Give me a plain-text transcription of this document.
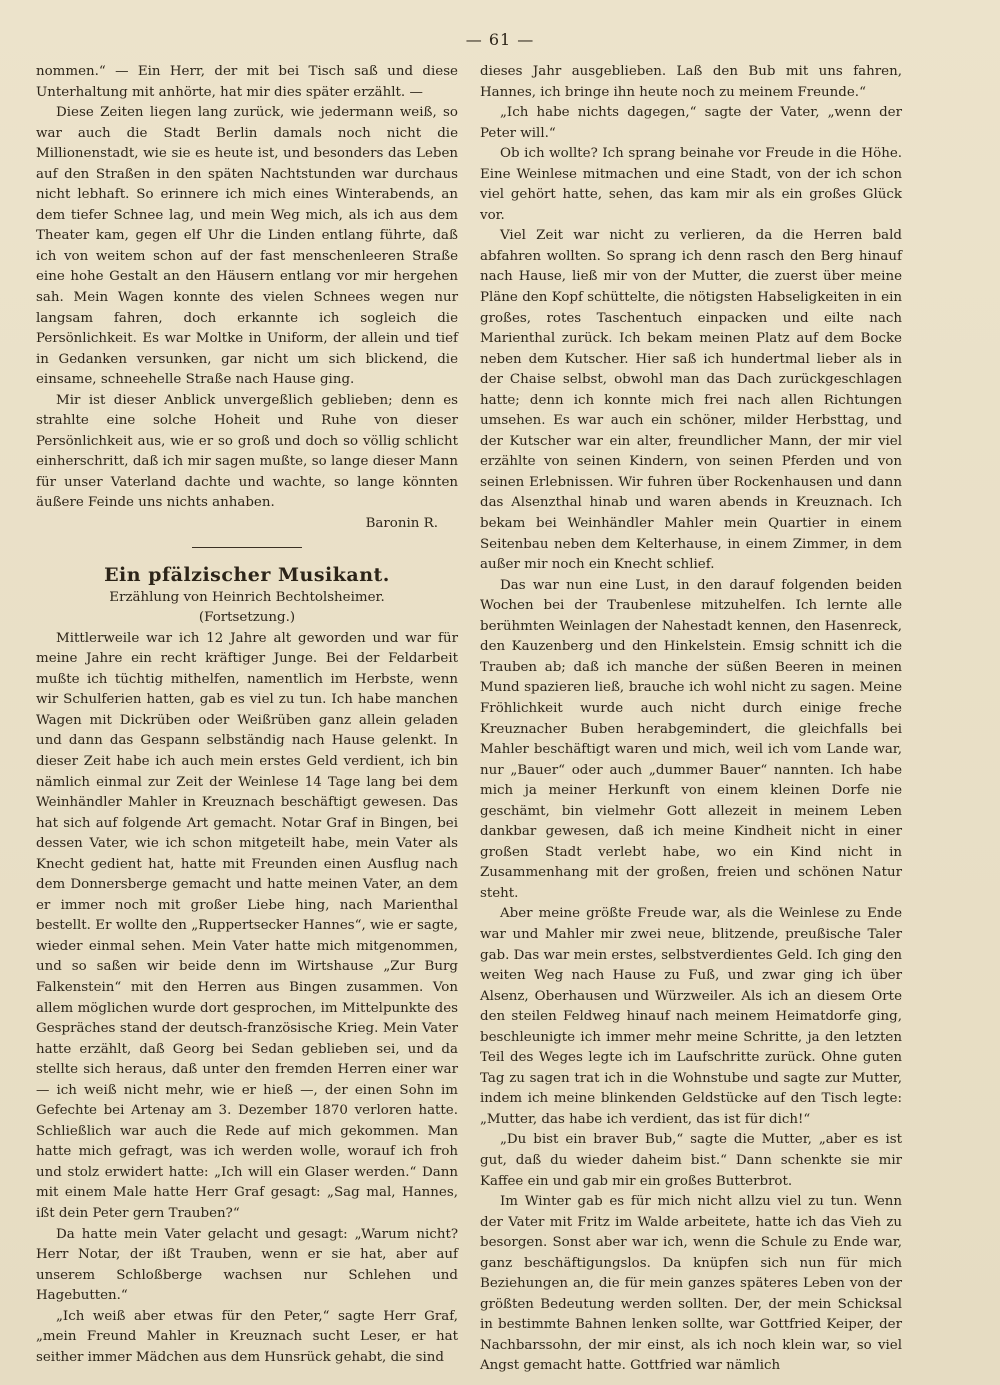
— 61 —

nommen.“ — Ein Herr, der mit bei Tisch saß und diese Unterhaltung mit anhörte, hat mir dies später erzählt. —

Diese Zeiten liegen lang zurück, wie jedermann weiß, so war auch die Stadt Berlin damals noch nicht die Millionenstadt, wie sie es heute ist, und besonders das Leben auf den Straßen in den späten Nachtstunden war durchaus nicht lebhaft. So erinnere ich mich eines Winterabends, an dem tiefer Schnee lag, und mein Weg mich, als ich aus dem Theater kam, gegen elf Uhr die Linden entlang führte, daß ich von weitem schon auf der fast menschenleeren Straße eine hohe Gestalt an den Häusern entlang vor mir hergehen sah. Mein Wagen konnte des vielen Schnees wegen nur langsam fahren, doch erkannte ich sogleich die Persönlichkeit. Es war Moltke in Uniform, der allein und tief in Gedanken versunken, gar nicht um sich blickend, die einsame, schneehelle Straße nach Hause ging.

Mir ist dieser Anblick unvergeßlich geblieben; denn es strahlte eine solche Hoheit und Ruhe von dieser Persönlichkeit aus, wie er so groß und doch so völlig schlicht einherschritt, daß ich mir sagen mußte, so lange dieser Mann für unser Vaterland dachte und wachte, so lange könnten äußere Feinde uns nichts anhaben.

Baronin R.
Ein pfälzischer Musikant.
Erzählung von Heinrich Bechtolsheimer.
(Fortsetzung.)

Mittlerweile war ich 12 Jahre alt geworden und war für meine Jahre ein recht kräftiger Junge. Bei der Feldarbeit mußte ich tüchtig mithelfen, namentlich im Herbste, wenn wir Schulferien hatten, gab es viel zu tun. Ich habe manchen Wagen mit Dickrüben oder Weißrüben ganz allein geladen und dann das Gespann selbständig nach Hause gelenkt. In dieser Zeit habe ich auch mein erstes Geld verdient, ich bin nämlich einmal zur Zeit der Weinlese 14 Tage lang bei dem Weinhändler Mahler in Kreuznach beschäftigt gewesen. Das hat sich auf folgende Art gemacht. Notar Graf in Bingen, bei dessen Vater, wie ich schon mitgeteilt habe, mein Vater als Knecht gedient hat, hatte mit Freunden einen Ausflug nach dem Donnersberge gemacht und hatte meinen Vater, an dem er immer noch mit großer Liebe hing, nach Marienthal bestellt. Er wollte den „Ruppertsecker Hannes“, wie er sagte, wieder einmal sehen. Mein Vater hatte mich mitgenommen, und so saßen wir beide denn im Wirtshause „Zur Burg Falkenstein“ mit den Herren aus Bingen zusammen. Von allem möglichen wurde dort gesprochen, im Mittelpunkte des Gespräches stand der deutsch-französische Krieg. Mein Vater hatte erzählt, daß Georg bei Sedan geblieben sei, und da stellte sich heraus, daß unter den fremden Herren einer war — ich weiß nicht mehr, wie er hieß —, der einen Sohn im Gefechte bei Artenay am 3. Dezember 1870 verloren hatte. Schließlich war auch die Rede auf mich gekommen. Man hatte mich gefragt, was ich werden wolle, worauf ich froh und stolz erwidert hatte: „Ich will ein Glaser werden.“ Dann mit einem Male hatte Herr Graf gesagt: „Sag mal, Hannes, ißt dein Peter gern Trauben?“

Da hatte mein Vater gelacht und gesagt: „Warum nicht? Herr Notar, der ißt Trauben, wenn er sie hat, aber auf unserem Schloßberge wachsen nur Schlehen und Hagebutten.“

„Ich weiß aber etwas für den Peter,“ sagte Herr Graf, „mein Freund Mahler in Kreuznach sucht Leser, er hat seither immer Mädchen aus dem Hunsrück gehabt, die sind

dieses Jahr ausgeblieben. Laß den Bub mit uns fahren, Hannes, ich bringe ihn heute noch zu meinem Freunde.“

„Ich habe nichts dagegen,“ sagte der Vater, „wenn der Peter will.“

Ob ich wollte? Ich sprang beinahe vor Freude in die Höhe. Eine Weinlese mitmachen und eine Stadt, von der ich schon viel gehört hatte, sehen, das kam mir als ein großes Glück vor.

Viel Zeit war nicht zu verlieren, da die Herren bald abfahren wollten. So sprang ich denn rasch den Berg hinauf nach Hause, ließ mir von der Mutter, die zuerst über meine Pläne den Kopf schüttelte, die nötigsten Habseligkeiten in ein großes, rotes Taschentuch einpacken und eilte nach Marienthal zurück. Ich bekam meinen Platz auf dem Bocke neben dem Kutscher. Hier saß ich hundertmal lieber als in der Chaise selbst, obwohl man das Dach zurückgeschlagen hatte; denn ich konnte mich frei nach allen Richtungen umsehen. Es war auch ein schöner, milder Herbsttag, und der Kutscher war ein alter, freundlicher Mann, der mir viel erzählte von seinen Kindern, von seinen Pferden und von seinen Erlebnissen. Wir fuhren über Rockenhausen und dann das Alsenzthal hinab und waren abends in Kreuznach. Ich bekam bei Weinhändler Mahler mein Quartier in einem Seitenbau neben dem Kelterhause, in einem Zimmer, in dem außer mir noch ein Knecht schlief.

Das war nun eine Lust, in den darauf folgenden beiden Wochen bei der Traubenlese mitzuhelfen. Ich lernte alle berühmten Weinlagen der Nahestadt kennen, den Hasenreck, den Kauzenberg und den Hinkelstein. Emsig schnitt ich die Trauben ab; daß ich manche der süßen Beeren in meinen Mund spazieren ließ, brauche ich wohl nicht zu sagen. Meine Fröhlichkeit wurde auch nicht durch einige freche Kreuznacher Buben herabgemindert, die gleichfalls bei Mahler beschäftigt waren und mich, weil ich vom Lande war, nur „Bauer“ oder auch „dummer Bauer“ nannten. Ich habe mich ja meiner Herkunft von einem kleinen Dorfe nie geschämt, bin vielmehr Gott allezeit in meinem Leben dankbar gewesen, daß ich meine Kindheit nicht in einer großen Stadt verlebt habe, wo ein Kind nicht in Zusammenhang mit der großen, freien und schönen Natur steht.

Aber meine größte Freude war, als die Weinlese zu Ende war und Mahler mir zwei neue, blitzende, preußische Taler gab. Das war mein erstes, selbstverdientes Geld. Ich ging den weiten Weg nach Hause zu Fuß, und zwar ging ich über Alsenz, Oberhausen und Würzweiler. Als ich an diesem Orte den steilen Feldweg hinauf nach meinem Heimatdorfe ging, beschleunigte ich immer mehr meine Schritte, ja den letzten Teil des Weges legte ich im Laufschritte zurück. Ohne guten Tag zu sagen trat ich in die Wohnstube und sagte zur Mutter, indem ich meine blinkenden Geldstücke auf den Tisch legte: „Mutter, das habe ich verdient, das ist für dich!“

„Du bist ein braver Bub,“ sagte die Mutter, „aber es ist gut, daß du wieder daheim bist.“ Dann schenkte sie mir Kaffee ein und gab mir ein großes Butterbrot.

Im Winter gab es für mich nicht allzu viel zu tun. Wenn der Vater mit Fritz im Walde arbeitete, hatte ich das Vieh zu besorgen. Sonst aber war ich, wenn die Schule zu Ende war, ganz beschäftigungslos. Da knüpfen sich nun für mich Beziehungen an, die für mein ganzes späteres Leben von der größten Bedeutung werden sollten. Der, der mein Schicksal in bestimmte Bahnen lenken sollte, war Gottfried Keiper, der Nachbarssohn, der mir einst, als ich noch klein war, so viel Angst gemacht hatte. Gottfried war nämlich
